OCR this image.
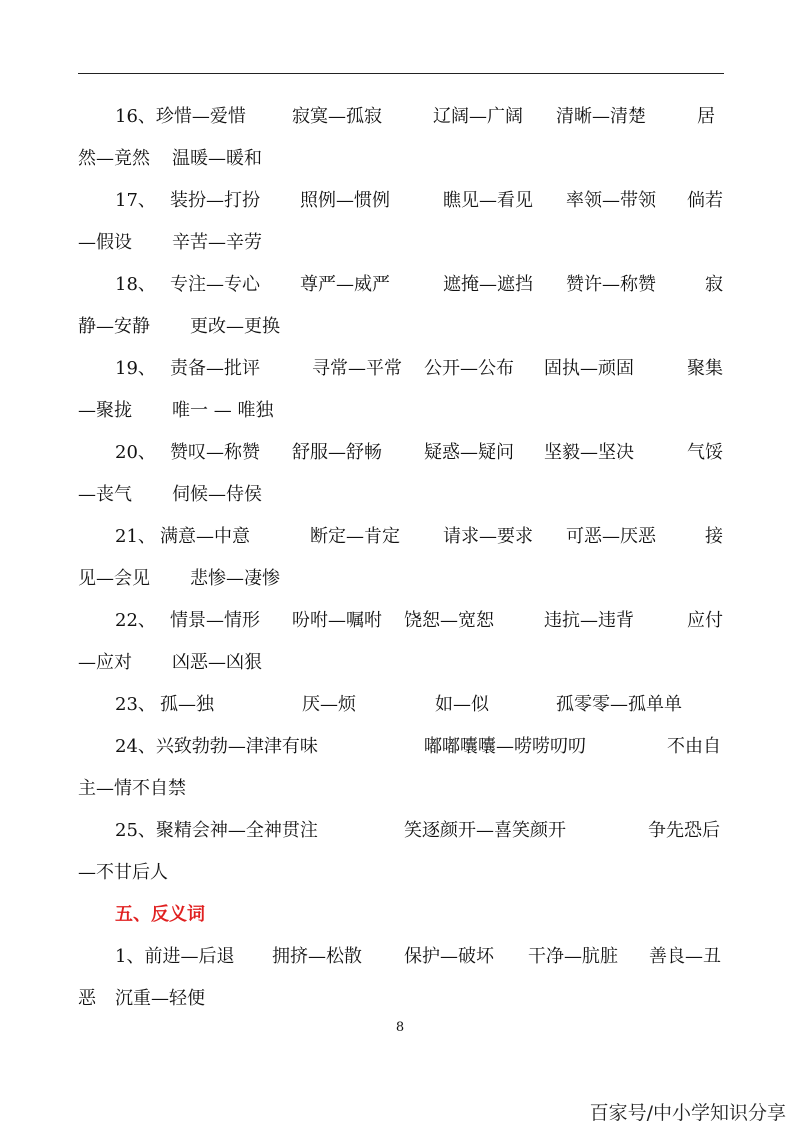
16、珍惜—爱惜	寂寞—孤寂	辽阔—广阔 清晰—清楚	居
然—竟然 温暖—暖和
17、 装扮—打扮 照例—惯例	瞧见—看见 率领—带领 倘若
—假设 辛苦—辛劳
18、 专注—专心 尊严—威严	遮掩—遮挡 赞许—称赞	寂
静—安静 更改—更换
19、 责备—批评	寻常—平常 公开—公布 固执—顽固	聚集
—聚拢 唯一 — 唯独
20、 赞叹—称赞 舒服—舒畅 疑惑—疑问 坚毅—坚决	气馁
—丧气 伺候—侍侯
21、 满意—中意	断定—肯定 请求—要求 可恶—厌恶	接
见—会见 悲惨—凄惨
22、 情景—情形 吩咐—嘱咐 饶恕—宽恕	违抗—违背	应付
—应对 凶恶—凶狠
23、 孤—独	厌—烦	如—似	孤零零—孤单单
24、兴致勃勃—津津有味	嘟嘟囔囔—唠唠叨叨	不由自
主—情不自禁
25、聚精会神—全神贯注	笑逐颜开—喜笑颜开	争先恐后
—不甘后人
五、反义词
1、前进—后退 拥挤—松散 保护—破坏 干净—肮脏 善良—丑
恶 沉重—轻便
8
百家号/中小学知识分享
